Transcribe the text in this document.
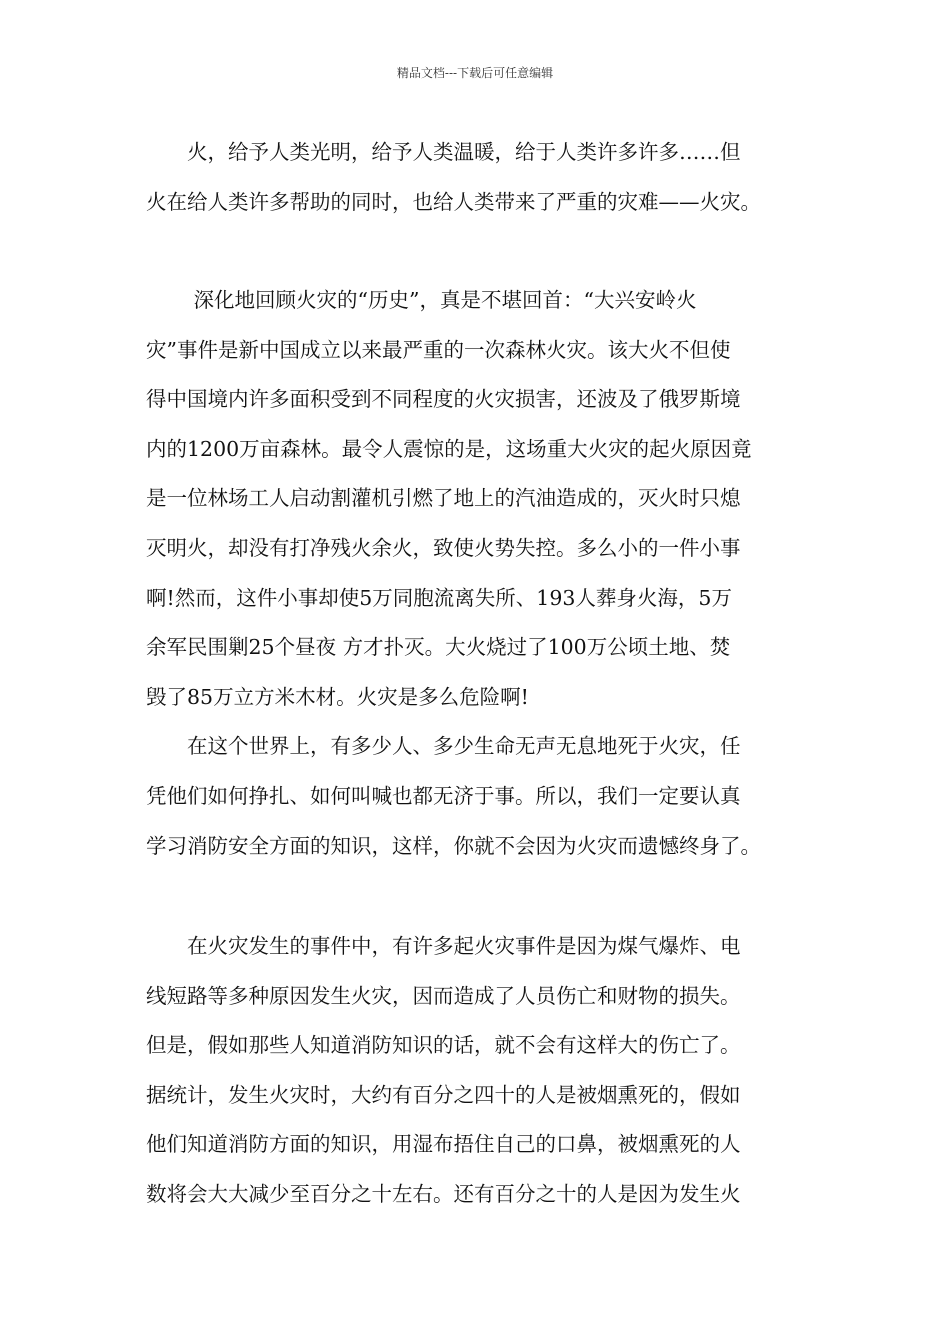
精品文档---下载后可任意编辑
　　火，给予人类光明，给予人类温暖，给于人类许多许多……但
火在给人类许多帮助的同时，也给人类带来了严重的灾难——火灾。
　　 深化地回顾火灾的“历史”，真是不堪回首：“大兴安岭火
灾”事件是新中国成立以来最严重的一次森林火灾。该大火不但使
得中国境内许多面积受到不同程度的火灾损害，还波及了俄罗斯境
内的1200万亩森林。最令人震惊的是，这场重大火灾的起火原因竟
是一位林场工人启动割灌机引燃了地上的汽油造成的，灭火时只熄
灭明火，却没有打净残火余火，致使火势失控。多么小的一件小事
啊!然而，这件小事却使5万同胞流离失所、193人葬身火海，5万
余军民围剿25个昼夜 方才扑灭。大火烧过了100万公顷土地、焚
毁了85万立方米木材。火灾是多么危险啊!
　　在这个世界上，有多少人、多少生命无声无息地死于火灾，任
凭他们如何挣扎、如何叫喊也都无济于事。所以，我们一定要认真
学习消防安全方面的知识，这样，你就不会因为火灾而遗憾终身了。
　　在火灾发生的事件中，有许多起火灾事件是因为煤气爆炸、电
线短路等多种原因发生火灾，因而造成了人员伤亡和财物的损失。
但是，假如那些人知道消防知识的话，就不会有这样大的伤亡了。
据统计，发生火灾时，大约有百分之四十的人是被烟熏死的，假如
他们知道消防方面的知识，用湿布捂住自己的口鼻，被烟熏死的人
数将会大大减少至百分之十左右。还有百分之十的人是因为发生火
